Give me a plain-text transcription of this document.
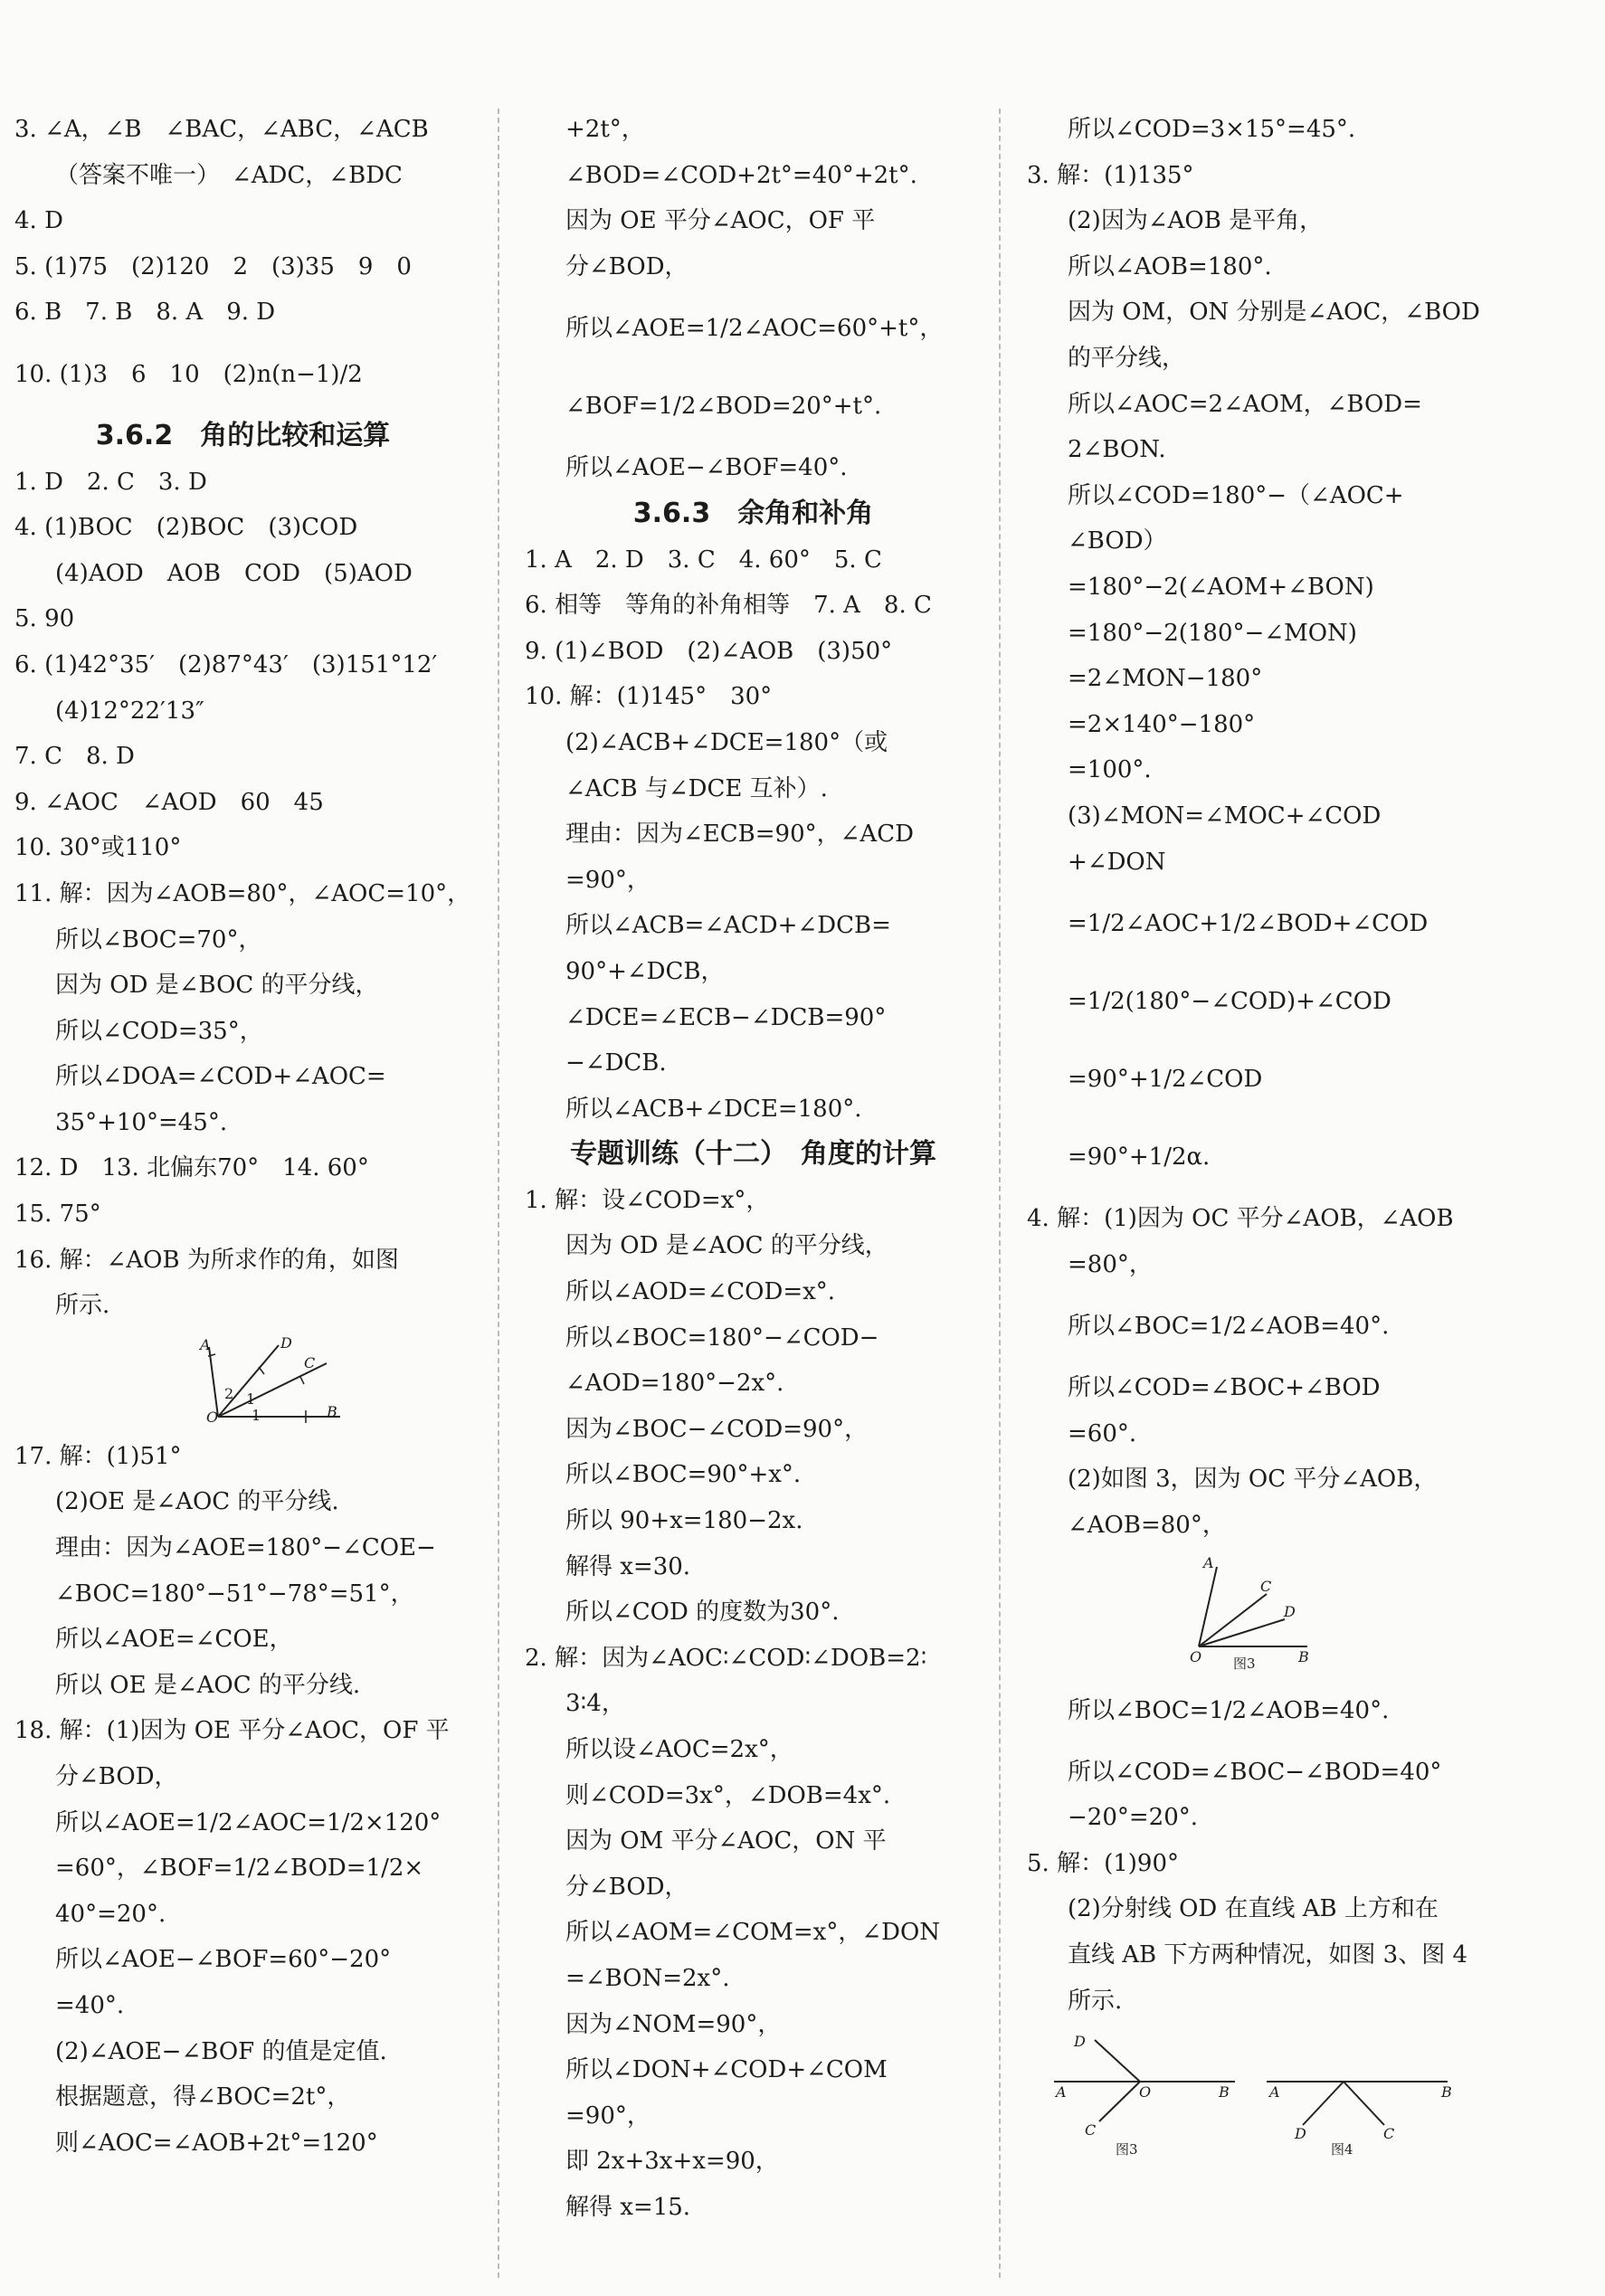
3. ∠A，∠B　∠BAC，∠ABC，∠ACB
（答案不唯一）　∠ADC，∠BDC
4. D
5. (1)75　(2)120　2　(3)35　9　0
6. B　7. B　8. A　9. D
10. (1)3　6　10　(2)n(n−1)/2
3.6.2　角的比较和运算
1. D　2. C　3. D
4. (1)BOC　(2)BOC　(3)COD
(4)AOD　AOB　COD　(5)AOD
5. 90
6. (1)42°35′　(2)87°43′　(3)151°12′
(4)12°22′13″
7. C　8. D
9. ∠AOC　∠AOD　60　45
10. 30°或110°
11. 解：因为∠AOB=80°，∠AOC=10°，
所以∠BOC=70°，
因为 OD 是∠BOC 的平分线，
所以∠COD=35°，
所以∠DOA=∠COD+∠AOC=
35°+10°=45°.
12. D　13. 北偏东70°　14. 60°
15. 75°
16. 解：∠AOB 为所求作的角，如图
所示.
A	D
C
O	B
2 1
1
17. 解：(1)51°
(2)OE 是∠AOC 的平分线.
理由：因为∠AOE=180°−∠COE−
∠BOC=180°−51°−78°=51°，
所以∠AOE=∠COE，
所以 OE 是∠AOC 的平分线.
18. 解：(1)因为 OE 平分∠AOC，OF 平
分∠BOD，
所以∠AOE=1/2∠AOC=1/2×120°
=60°，∠BOF=1/2∠BOD=1/2×
40°=20°.
所以∠AOE−∠BOF=60°−20°
=40°.
(2)∠AOE−∠BOF 的值是定值.
根据题意，得∠BOC=2t°，
则∠AOC=∠AOB+2t°=120°
+2t°，
∠BOD=∠COD+2t°=40°+2t°.
因为 OE 平分∠AOC，OF 平
分∠BOD，
所以∠AOE=1/2∠AOC=60°+t°，
∠BOF=1/2∠BOD=20°+t°.
所以∠AOE−∠BOF=40°.
3.6.3　余角和补角
1. A　2. D　3. C　4. 60°　5. C
6. 相等　等角的补角相等　7. A　8. C
9. (1)∠BOD　(2)∠AOB　(3)50°
10. 解：(1)145°　30°
(2)∠ACB+∠DCE=180°（或
∠ACB 与∠DCE 互补）.
理由：因为∠ECB=90°，∠ACD
=90°，
所以∠ACB=∠ACD+∠DCB=
90°+∠DCB，
∠DCE=∠ECB−∠DCB=90°
−∠DCB.
所以∠ACB+∠DCE=180°.
专题训练（十二）　角度的计算
1. 解：设∠COD=x°，
因为 OD 是∠AOC 的平分线，
所以∠AOD=∠COD=x°.
所以∠BOC=180°−∠COD−
∠AOD=180°−2x°.
因为∠BOC−∠COD=90°，
所以∠BOC=90°+x°.
所以 90+x=180−2x.
解得 x=30.
所以∠COD 的度数为30°.
2. 解：因为∠AOC∶∠COD∶∠DOB=2∶
3∶4，
所以设∠AOC=2x°，
则∠COD=3x°，∠DOB=4x°.
因为 OM 平分∠AOC，ON 平
分∠BOD，
所以∠AOM=∠COM=x°，∠DON
=∠BON=2x°.
因为∠NOM=90°，
所以∠DON+∠COD+∠COM
=90°，
即 2x+3x+x=90，
解得 x=15.
所以∠COD=3×15°=45°.
3. 解：(1)135°
(2)因为∠AOB 是平角，
所以∠AOB=180°.
因为 OM，ON 分别是∠AOC，∠BOD
的平分线，
所以∠AOC=2∠AOM，∠BOD=
2∠BON.
所以∠COD=180°−（∠AOC+
∠BOD）
=180°−2(∠AOM+∠BON)
=180°−2(180°−∠MON)
=2∠MON−180°
=2×140°−180°
=100°.
(3)∠MON=∠MOC+∠COD
+∠DON
=1/2∠AOC+1/2∠BOD+∠COD
=1/2(180°−∠COD)+∠COD
=90°+1/2∠COD
=90°+1/2α.
4. 解：(1)因为 OC 平分∠AOB，∠AOB
=80°，
所以∠BOC=1/2∠AOB=40°.
所以∠COD=∠BOC+∠BOD
=60°.
(2)如图 3，因为 OC 平分∠AOB，
∠AOB=80°，
A
C
D
O	B
图3
所以∠BOC=1/2∠AOB=40°.
所以∠COD=∠BOC−∠BOD=40°
−20°=20°.
5. 解：(1)90°
(2)分射线 OD 在直线 AB 上方和在
直线 AB 下方两种情况，如图 3、图 4
所示.
D
A	O	B
C
图3
A	B
D	C
图4
